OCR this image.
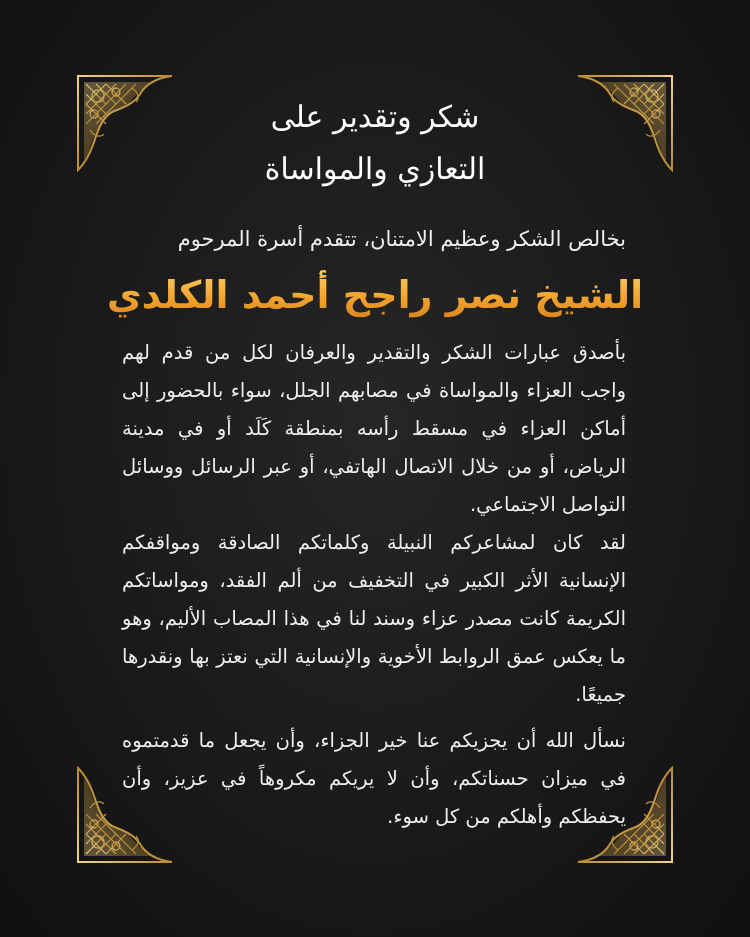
شكر وتقدير على
التعازي والمواساة
بخالص الشكر وعظيم الامتنان، تتقدم أسرة المرحوم
الشيخ نصر راجح أحمد الكلدي
بأصدق عبارات الشكر والتقدير والعرفان لكل من قدم لهم واجب العزاء والمواساة في مصابهم الجلل، سواء بالحضور إلى أماكن العزاء في مسقط رأسه بمنطقة كَلَد أو في مدينة الرياض، أو من خلال الاتصال الهاتفي، أو عبر الرسائل ووسائل التواصل الاجتماعي.
لقد كان لمشاعركم النبيلة وكلماتكم الصادقة ومواقفكم الإنسانية الأثر الكبير في التخفيف من ألم الفقد، ومواساتكم الكريمة كانت مصدر عزاء وسند لنا في هذا المصاب الأليم، وهو ما يعكس عمق الروابط الأخوية والإنسانية التي نعتز بها ونقدرها جميعًا.
نسأل الله أن يجزيكم عنا خير الجزاء، وأن يجعل ما قدمتموه في ميزان حسناتكم، وأن لا يريكم مكروهاً في عزيز، وأن يحفظكم وأهلكم من كل سوء.
